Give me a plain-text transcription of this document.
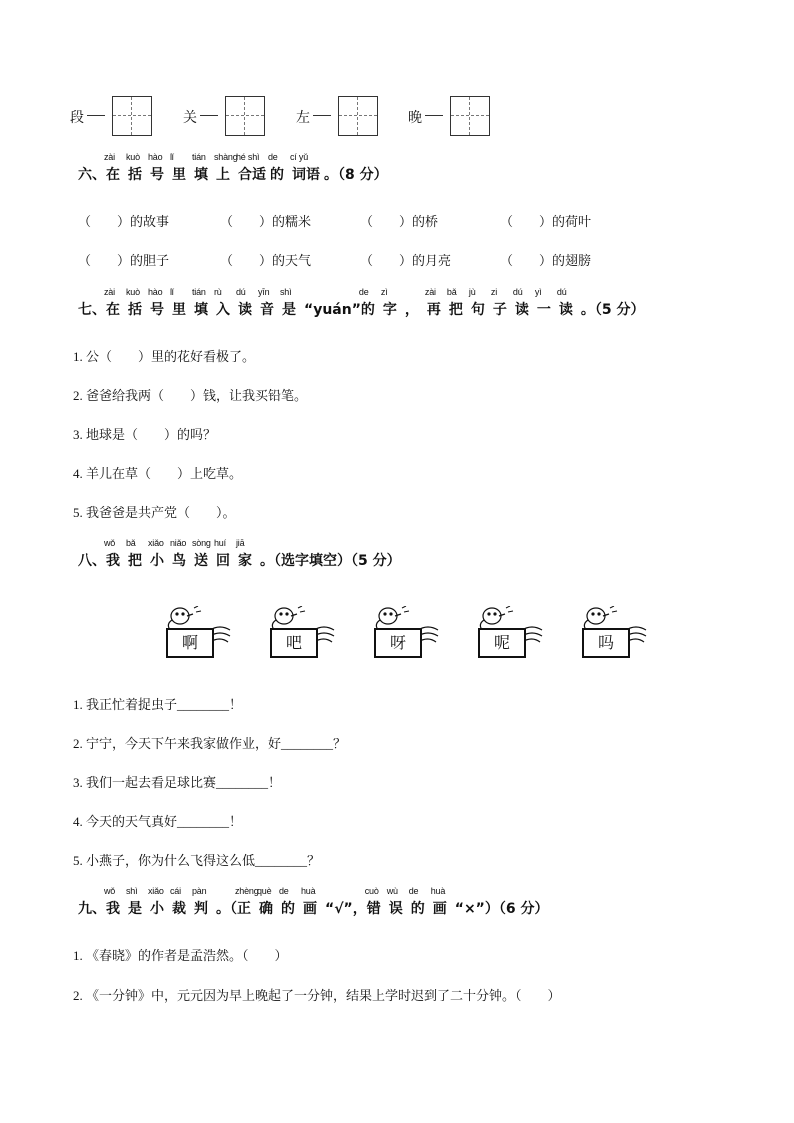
段	关	左	晚
六、
zài
在
kuò
括
hào
号
lǐ
里
tián
填
shàng
上
hé shì
合适
de
的
cí yǔ
词语 。（8 分）
（　　）的故事	（　　）的糯米	（　　）的桥	（　　）的荷叶
（　　）的胆子	（　　）的天气	（　　）的月亮	（　　）的翅膀
七、
zài
在
kuò
括
hào
号
lǐ
里
tián
填
rù
入
dú
读
yīn
音
shì
是 “yuán”
de
的
zì
字 ，
zài
再
bǎ
把
jù
句
zi
子
dú
读
yì
一
dú
读 。（5 分）
1. 公（　　）里的花好看极了。
2. 爸爸给我两（　　）钱，让我买铅笔。
3. 地球是（　　）的吗？
4. 羊儿在草（　　）上吃草。
5. 我爸爸是共产党（　　）。
八、
wǒ
我
bǎ
把
xiǎo
小
niǎo
鸟
sòng
送
huí
回
jiā
家 。（选字填空）（5 分）
啊	吧	呀	呢	吗
1. 我正忙着捉虫子________！
2. 宁宁，今天下午来我家做作业，好________？
3. 我们一起去看足球比赛________！
4. 今天的天气真好________！
5. 小燕子，你为什么飞得这么低________？
九、
wǒ
我
shì
是
xiǎo
小
cái
裁
pàn
判 。（
zhèng
正
què
确
de
的
huà
画 “√”，
cuò
错
wù
误
de
的
huà
画 “×”）（6 分）
1. 《春晓》的作者是孟浩然。（　　）
2. 《一分钟》中，元元因为早上晚起了一分钟，结果上学时迟到了二十分钟。（　　）
